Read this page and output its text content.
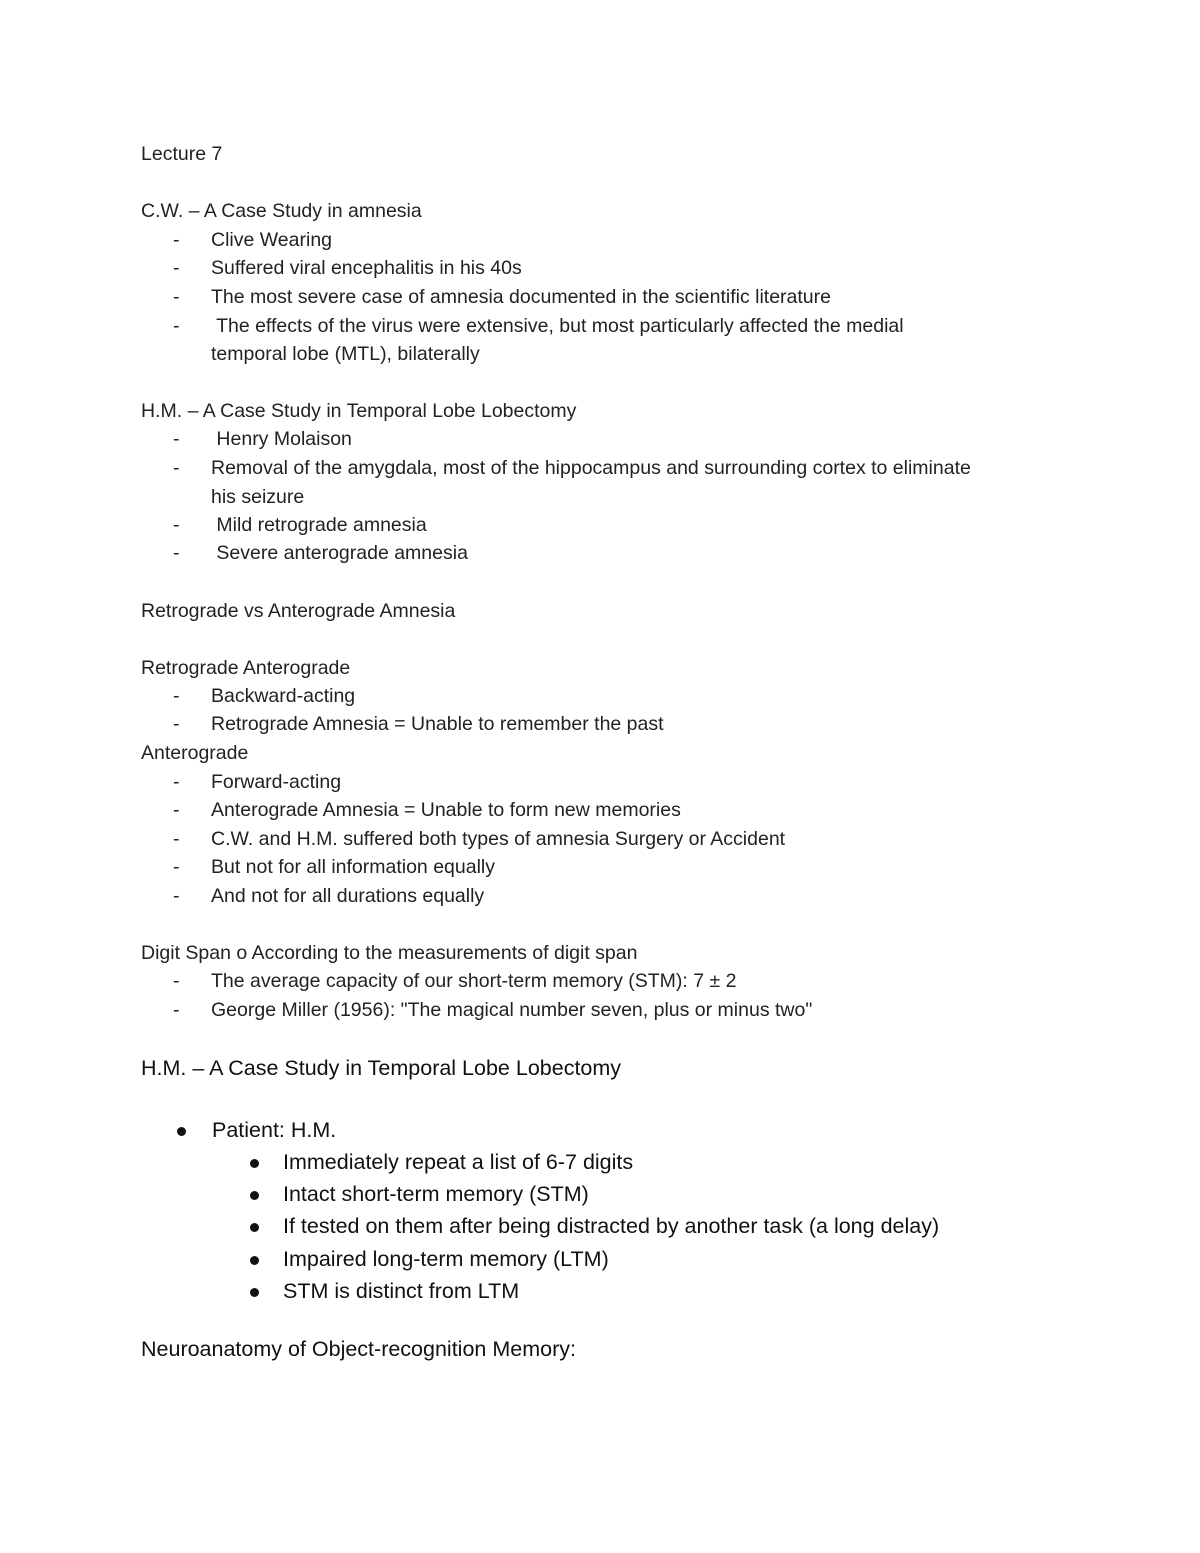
Lecture 7
C.W. – A Case Study in amnesia
- Clive Wearing
- Suffered viral encephalitis in his 40s
- The most severe case of amnesia documented in the scientific literature
- The effects of the virus were extensive, but most particularly affected the medial
temporal lobe (MTL), bilaterally
H.M. – A Case Study in Temporal Lobe Lobectomy
- Henry Molaison
- Removal of the amygdala, most of the hippocampus and surrounding cortex to eliminate
his seizure
- Mild retrograde amnesia
- Severe anterograde amnesia
Retrograde vs Anterograde Amnesia
Retrograde Anterograde
- Backward-acting
- Retrograde Amnesia = Unable to remember the past
Anterograde
- Forward-acting
- Anterograde Amnesia = Unable to form new memories
- C.W. and H.M. suffered both types of amnesia Surgery or Accident
- But not for all information equally
- And not for all durations equally
Digit Span o According to the measurements of digit span
- The average capacity of our short-term memory (STM): 7 ± 2
- George Miller (1956): "The magical number seven, plus or minus two"
H.M. – A Case Study in Temporal Lobe Lobectomy
Patient: H.M.
Immediately repeat a list of 6-7 digits
Intact short-term memory (STM)
If tested on them after being distracted by another task (a long delay)
Impaired long-term memory (LTM)
STM is distinct from LTM
Neuroanatomy of Object-recognition Memory:
